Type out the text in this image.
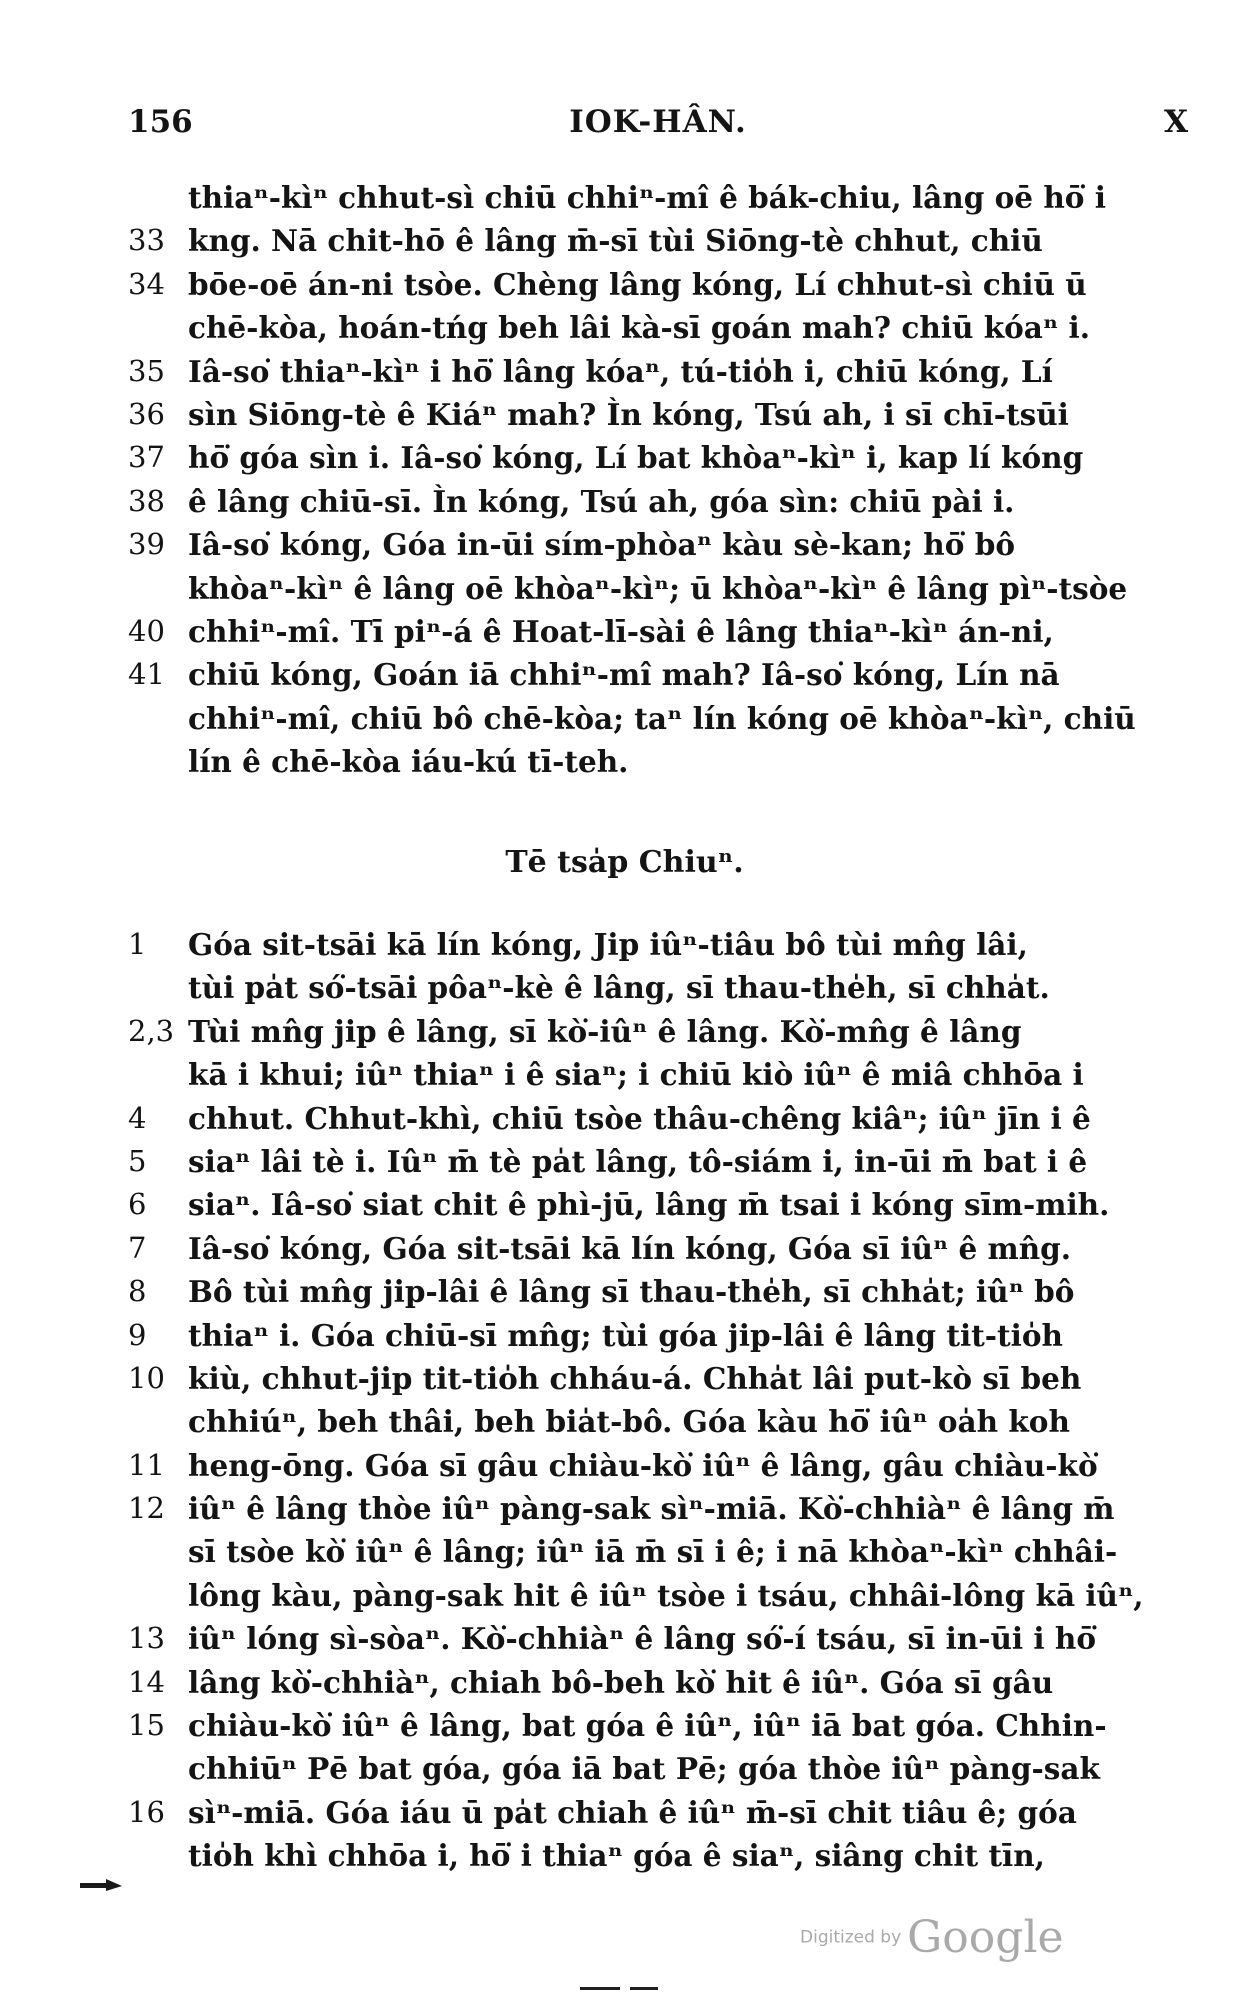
156	IOK-HÂN.	X
thiaⁿ-kìⁿ chhut-sì chiū chhiⁿ-mî ê bák-chiu, lâng oē hō͘ i
33 kng. Nā chit-hō ê lâng m̄-sī tùi Siōng-tè chhut, chiū
34 bōe-oē án-ni tsòe. Chèng lâng kóng, Lí chhut-sì chiū ū
chē-kòa, hoán-tńg beh lâi kà-sī goán mah? chiū kóaⁿ i.
35 Iâ-so͘ thiaⁿ-kìⁿ i hō͘ lâng kóaⁿ, tú-tio̍h i, chiū kóng, Lí
36 sìn Siōng-tè ê Kiáⁿ mah? Ìn kóng, Tsú ah, i sī chī-tsūi
37 hō͘ góa sìn i. Iâ-so͘ kóng, Lí bat khòaⁿ-kìⁿ i, kap lí kóng
38 ê lâng chiū-sī. Ìn kóng, Tsú ah, góa sìn: chiū pài i.
39 Iâ-so͘ kóng, Góa in-ūi sím-phòaⁿ kàu sè-kan; hō͘ bô
khòaⁿ-kìⁿ ê lâng oē khòaⁿ-kìⁿ; ū khòaⁿ-kìⁿ ê lâng pìⁿ-tsòe
40 chhiⁿ-mî. Tī piⁿ-á ê Hoat-lī-sài ê lâng thiaⁿ-kìⁿ án-ni,
41 chiū kóng, Goán iā chhiⁿ-mî mah? Iâ-so͘ kóng, Lín nā
chhiⁿ-mî, chiū bô chē-kòa; taⁿ lín kóng oē khòaⁿ-kìⁿ, chiū
lín ê chē-kòa iáu-kú tī-teh.
Tē tsa̍p Chiuⁿ.
1 Góa sit-tsāi kā lín kóng, Jip iûⁿ-tiâu bô tùi mn̂g lâi,
tùi pa̍t só͘-tsāi pôaⁿ-kè ê lâng, sī thau-the̍h, sī chha̍t.
2,3 Tùi mn̂g jip ê lâng, sī kò͘-iûⁿ ê lâng. Kò͘-mn̂g ê lâng
kā i khui; iûⁿ thiaⁿ i ê siaⁿ; i chiū kiò iûⁿ ê miâ chhōa i
4 chhut. Chhut-khì, chiū tsòe thâu-chêng kiâⁿ; iûⁿ jīn i ê
5 siaⁿ lâi tè i. Iûⁿ m̄ tè pa̍t lâng, tô-siám i, in-ūi m̄ bat i ê
6 siaⁿ. Iâ-so͘ siat chit ê phì-jū, lâng m̄ tsai i kóng sīm-mih.
7 Iâ-so͘ kóng, Góa sit-tsāi kā lín kóng, Góa sī iûⁿ ê mn̂g.
8 Bô tùi mn̂g jip-lâi ê lâng sī thau-the̍h, sī chha̍t; iûⁿ bô
9 thiaⁿ i. Góa chiū-sī mn̂g; tùi góa jip-lâi ê lâng tit-tio̍h
10 kiù, chhut-jip tit-tio̍h chháu-á. Chha̍t lâi put-kò sī beh
chhiúⁿ, beh thâi, beh bia̍t-bô. Góa kàu hō͘ iûⁿ oa̍h koh
11 heng-ōng. Góa sī gâu chiàu-kò͘ iûⁿ ê lâng, gâu chiàu-kò͘
12 iûⁿ ê lâng thòe iûⁿ pàng-sak sìⁿ-miā. Kò͘-chhiàⁿ ê lâng m̄
sī tsòe kò͘ iûⁿ ê lâng; iûⁿ iā m̄ sī i ê; i nā khòaⁿ-kìⁿ chhâi-
lông kàu, pàng-sak hit ê iûⁿ tsòe i tsáu, chhâi-lông kā iûⁿ,
13 iûⁿ lóng sì-sòaⁿ. Kò͘-chhiàⁿ ê lâng só͘-í tsáu, sī in-ūi i hō͘
14 lâng kò͘-chhiàⁿ, chiah bô-beh kò͘ hit ê iûⁿ. Góa sī gâu
15 chiàu-kò͘ iûⁿ ê lâng, bat góa ê iûⁿ, iûⁿ iā bat góa. Chhin-
chhiūⁿ Pē bat góa, góa iā bat Pē; góa thòe iûⁿ pàng-sak
16 sìⁿ-miā. Góa iáu ū pa̍t chiah ê iûⁿ m̄-sī chit tiâu ê; góa
tio̍h khì chhōa i, hō͘ i thiaⁿ góa ê siaⁿ, siâng chit tīn,
Digitized by Google
